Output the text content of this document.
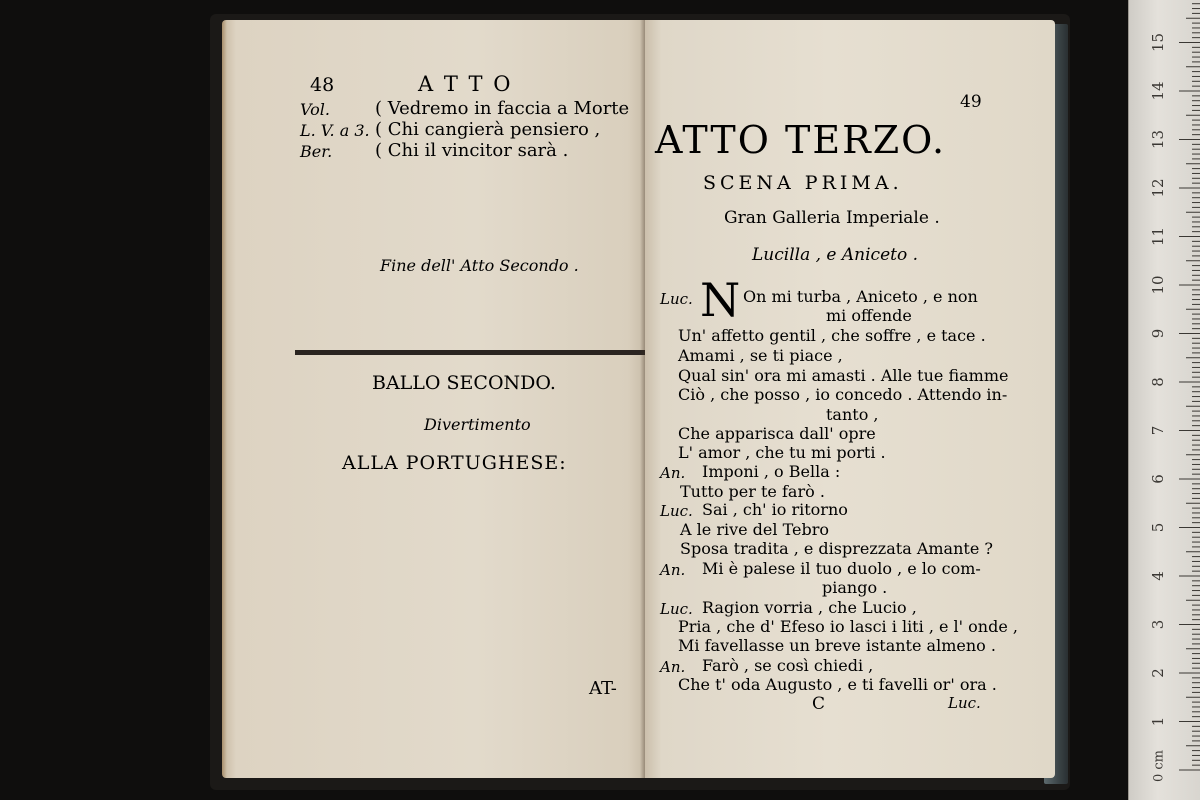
48	A T T O
Vol.
L. V. a 3.
Ber.
( Vedremo in faccia a Morte
( Chi cangierà pensiero ,
( Chi il vincitor sarà .
Fine dell' Atto Secondo .
BALLO SECONDO.
Divertimento
ALLA PORTUGHESE:
AT-
49
ATTO TERZO.
SCENA PRIMA.
Gran Galleria Imperiale .
Lucilla , e Aniceto .
N
Luc.
An.
Luc.
An.
Luc.
An.
On mi turba , Aniceto , e non
mi offende
Un' affetto gentil , che soffre , e tace .
Amami , se ti piace ,
Qual sin' ora mi amasti . Alle tue fiamme
Ciò , che posso , io concedo . Attendo in-
tanto ,
Che apparisca dall' opre
L' amor , che tu mi porti .
Imponi , o Bella :
Tutto per te farò .
Sai , ch' io ritorno
A le rive del Tebro
Sposa tradita , e disprezzata Amante ?
Mi è palese il tuo duolo , e lo com-
piango .
Ragion vorria , che Lucio ,
Pria , che d' Efeso io lasci i liti , e l' onde ,
Mi favellasse un breve istante almeno .
Farò , se così chiedi ,
Che t' oda Augusto , e ti favelli or' ora .
C	Luc.
1
2
3
4
5
6
7
8
9
10
11
12
13
14
15
0 cm
